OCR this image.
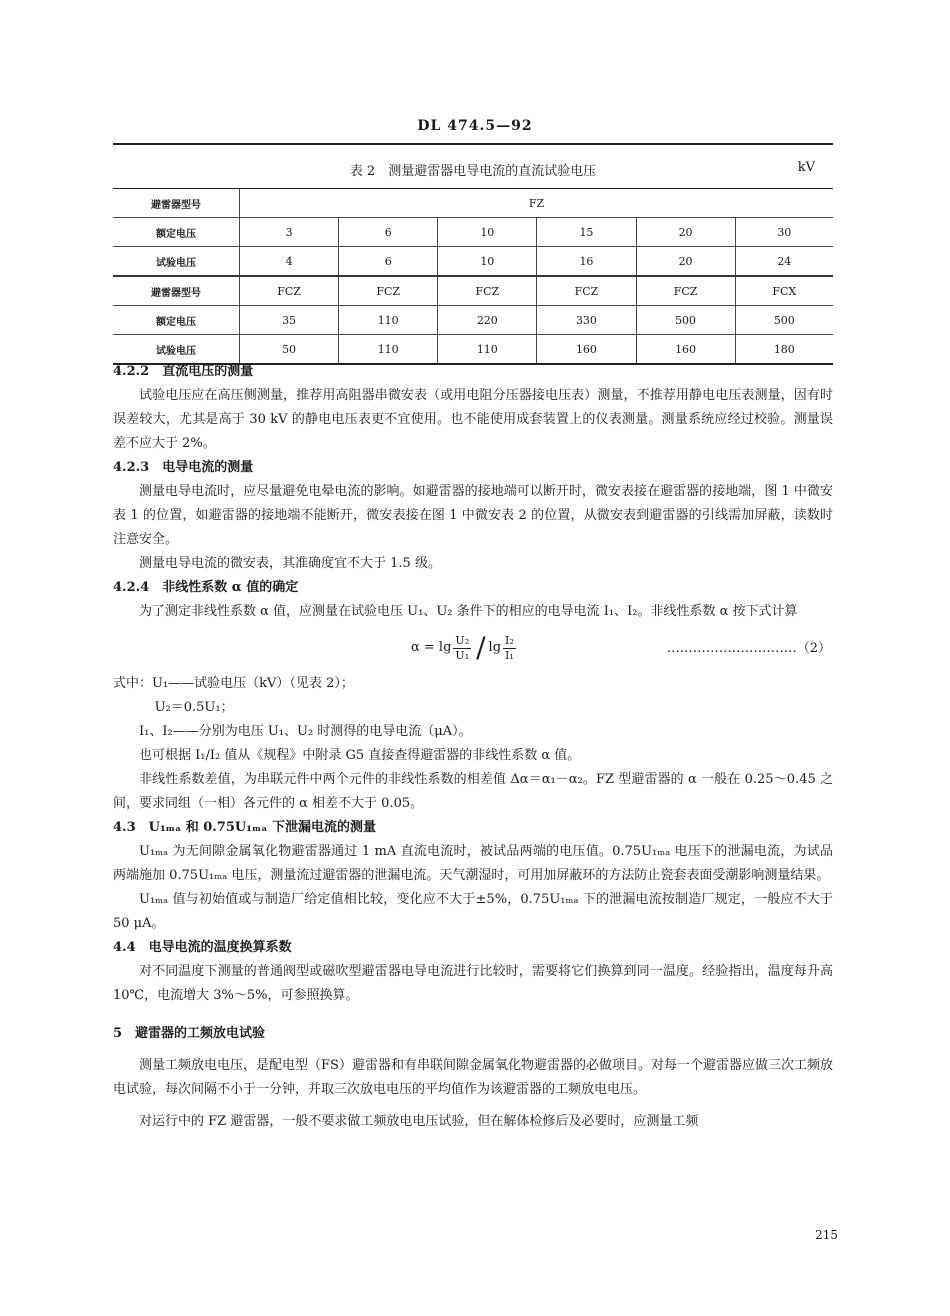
DL 474.5—92
表 2　测量避雷器电导电流的直流试验电压	kV
避雷器型号	FZ					
额定电压	3	6	10	15	20	30
试验电压	4	6	10	16	20	24
避雷器型号	FCZ	FCZ	FCZ	FCZ	FCZ	FCX
额定电压	35	110	220	330	500	500
试验电压	50	110	110	160	160	180

4.2.2　直流电压的测量

试验电压应在高压侧测量，推荐用高阻器串微安表（或用电阻分压器接电压表）测量，不推荐用静电电压表测量，因有时误差较大，尤其是高于 30 kV 的静电电压表更不宜使用。也不能使用成套装置上的仪表测量。测量系统应经过校验。测量误差不应大于 2%。

4.2.3　电导电流的测量

测量电导电流时，应尽量避免电晕电流的影响。如避雷器的接地端可以断开时，微安表接在避雷器的接地端，图 1 中微安表 1 的位置，如避雷器的接地端不能断开，微安表接在图 1 中微安表 2 的位置，从微安表到避雷器的引线需加屏蔽，读数时注意安全。

测量电导电流的微安表，其准确度宜不大于 1.5 级。

4.2.4　非线性系数 α 值的确定

为了测定非线性系数 α 值，应测量在试验电压 U₁、U₂ 条件下的相应的电导电流 I₁、I₂。非线性系数 α 按下式计算

$\alpha = \lg \frac{\text{U₂}}{\text{U₁}} / \lg \frac{\text{I₂}}{\text{I₁}}$	…………………………（2）

式中：U₁——试验电压（kV）（见表 2）；

U₂＝0.5U₁；

I₁、I₂——分别为电压 U₁、U₂ 时测得的电导电流（μA）。

也可根据 I₁/I₂ 值从《规程》中附录 G5 直接查得避雷器的非线性系数 α 值。

非线性系数差值，为串联元件中两个元件的非线性系数的相差值 Δα＝α₁－α₂。FZ 型避雷器的 α 一般在 0.25～0.45 之间，要求同组（一相）各元件的 α 相差不大于 0.05。

4.3　U₁ₘₐ 和 0.75U₁ₘₐ 下泄漏电流的测量

U₁ₘₐ 为无间隙金属氧化物避雷器通过 1 mA 直流电流时，被试品两端的电压值。0.75U₁ₘₐ 电压下的泄漏电流，为试品两端施加 0.75U₁ₘₐ 电压，测量流过避雷器的泄漏电流。天气潮湿时，可用加屏蔽环的方法防止瓷套表面受潮影响测量结果。

U₁ₘₐ 值与初始值或与制造厂给定值相比较，变化应不大于±5%，0.75U₁ₘₐ 下的泄漏电流按制造厂规定，一般应不大于 50 μA。

4.4　电导电流的温度换算系数

对不同温度下测量的普通阀型或磁吹型避雷器电导电流进行比较时，需要将它们换算到同一温度。经验指出，温度每升高 10℃，电流增大 3%～5%，可参照换算。

5　避雷器的工频放电试验

测量工频放电电压，是配电型（FS）避雷器和有串联间隙金属氧化物避雷器的必做项目。对每一个避雷器应做三次工频放电试验，每次间隔不小于一分钟，并取三次放电电压的平均值作为该避雷器的工频放电电压。

对运行中的 FZ 避雷器，一般不要求做工频放电电压试验，但在解体检修后及必要时，应测量工频

215
